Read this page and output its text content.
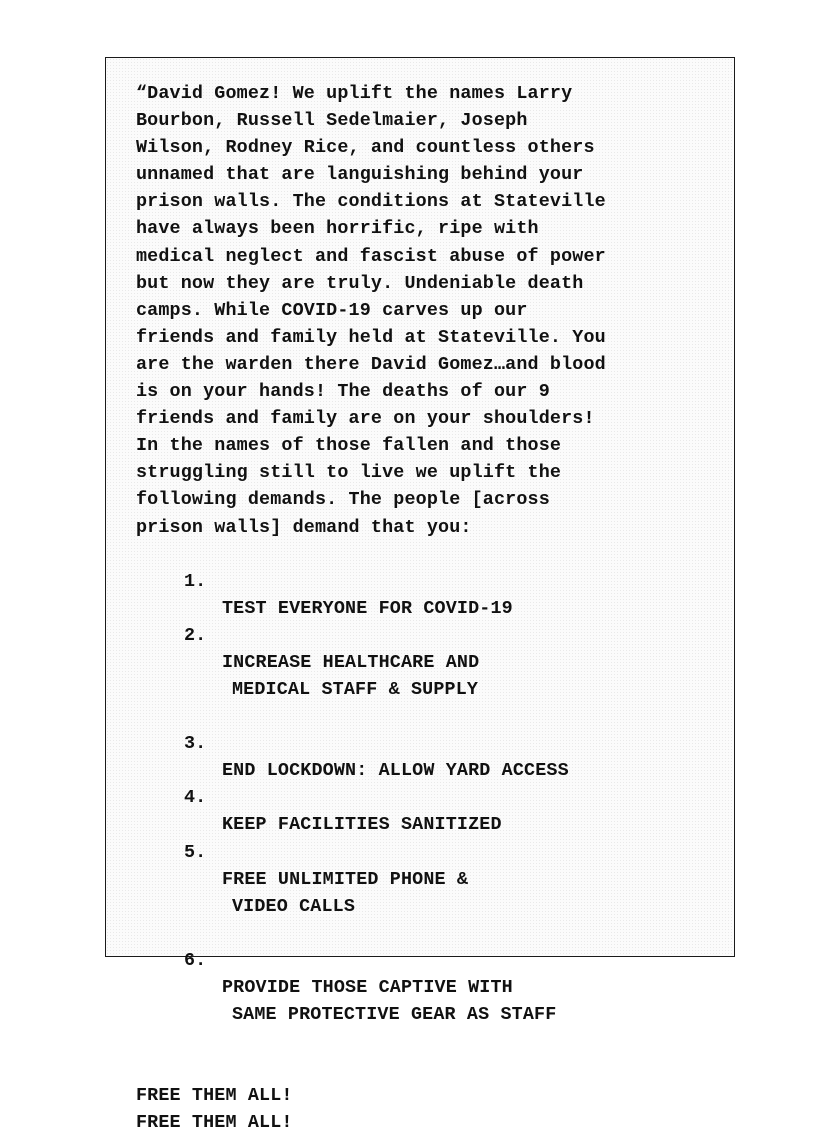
“David Gomez! We uplift the names Larry
Bourbon, Russell Sedelmaier, Joseph
Wilson, Rodney Rice, and countless others
unnamed that are languishing behind your
prison walls. The conditions at Stateville
have always been horrific, ripe with
medical neglect and fascist abuse of power
but now they are truly. Undeniable death
camps. While COVID-19 carves up our
friends and family held at Stateville. You
are the warden there David Gomez…and blood
is on your hands! The deaths of our 9
friends and family are on your shoulders!
In the names of those fallen and those
struggling still to live we uplift the
following demands. The people [across
prison walls] demand that you:

1.

TEST EVERYONE FOR COVID-19

2.

INCREASE HEALTHCARE AND

MEDICAL STAFF & SUPPLY

3.

END LOCKDOWN: ALLOW YARD ACCESS

4.

KEEP FACILITIES SANITIZED

5.

FREE UNLIMITED PHONE &

VIDEO CALLS

6.

PROVIDE THOSE CAPTIVE WITH

SAME PROTECTIVE GEAR AS STAFF

FREE THEM ALL!
FREE THEM ALL!
